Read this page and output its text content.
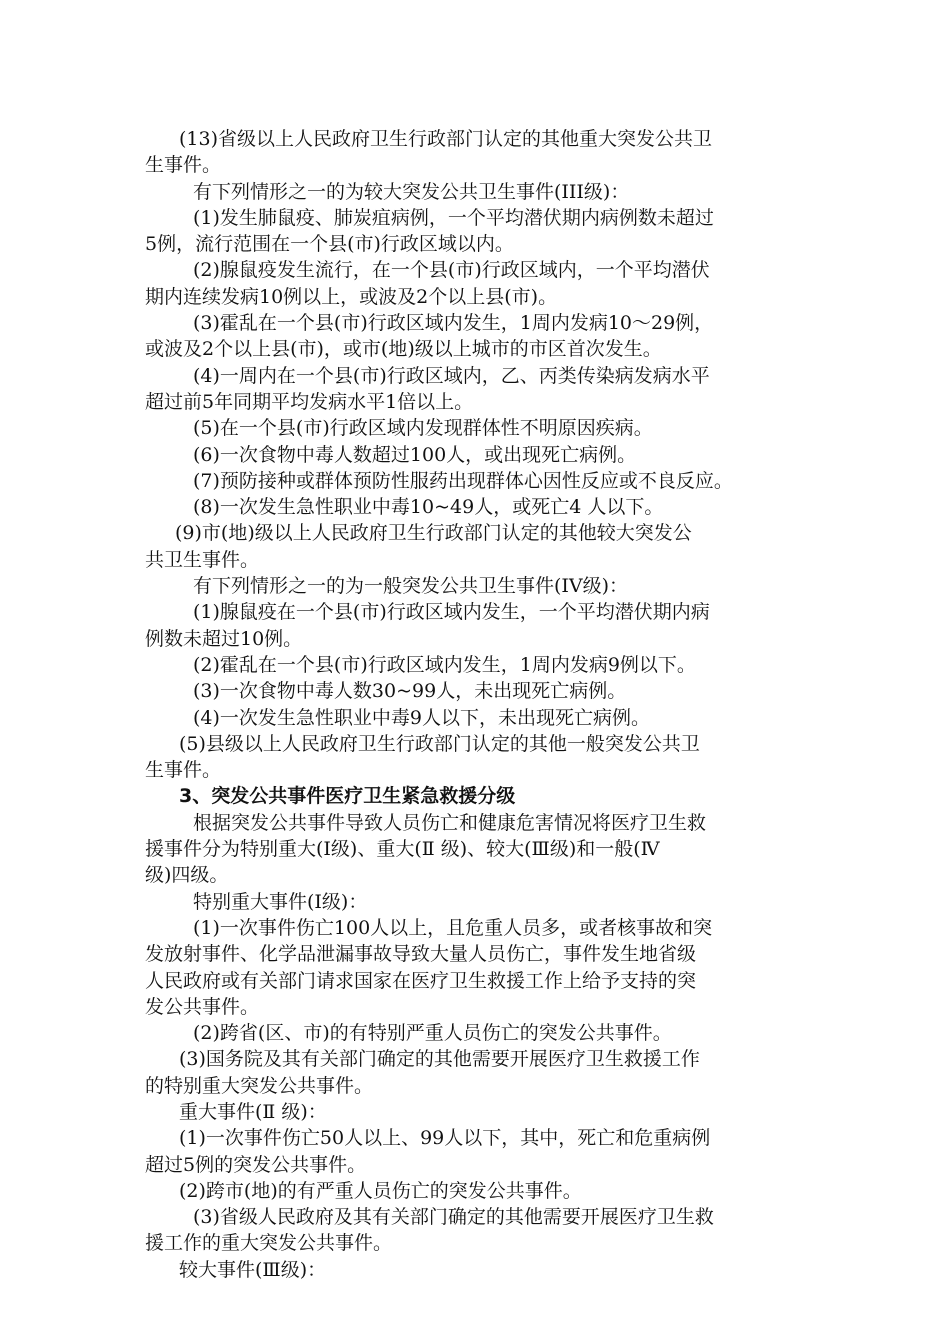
(13)省级以上人民政府卫生行政部门认定的其他重大突发公共卫

生事件。

有下列情形之一的为较大突发公共卫生事件(III级)：

(1)发生肺鼠疫、肺炭疽病例，一个平均潜伏期内病例数未超过

5例，流行范围在一个县(市)行政区域以内。

(2)腺鼠疫发生流行，在一个县(市)行政区域内，一个平均潜伏

期内连续发病10例以上，或波及2个以上县(市)。

(3)霍乱在一个县(市)行政区域内发生，1周内发病10～29例，

或波及2个以上县(市)，或市(地)级以上城市的市区首次发生。

(4)一周内在一个县(市)行政区域内，乙、丙类传染病发病水平

超过前5年同期平均发病水平1倍以上。

(5)在一个县(市)行政区域内发现群体性不明原因疾病。

(6)一次食物中毒人数超过100人，或出现死亡病例。

(7)预防接种或群体预防性服药出现群体心因性反应或不良反应。

(8)一次发生急性职业中毒10~49人，或死亡4 人以下。

(9)市(地)级以上人民政府卫生行政部门认定的其他较大突发公

共卫生事件。

有下列情形之一的为一般突发公共卫生事件(IV级)：

(1)腺鼠疫在一个县(市)行政区域内发生，一个平均潜伏期内病

例数未超过10例。

(2)霍乱在一个县(市)行政区域内发生，1周内发病9例以下。

(3)一次食物中毒人数30~99人，未出现死亡病例。

(4)一次发生急性职业中毒9人以下，未出现死亡病例。

(5)县级以上人民政府卫生行政部门认定的其他一般突发公共卫

生事件。

3、突发公共事件医疗卫生紧急救援分级

根据突发公共事件导致人员伤亡和健康危害情况将医疗卫生救

援事件分为特别重大(Ⅰ级)、重大(Ⅱ 级)、较大(Ⅲ级)和一般(Ⅳ

级)四级。

特别重大事件(Ⅰ级)：

(1)一次事件伤亡100人以上，且危重人员多，或者核事故和突

发放射事件、化学品泄漏事故导致大量人员伤亡，事件发生地省级

人民政府或有关部门请求国家在医疗卫生救援工作上给予支持的突

发公共事件。

(2)跨省(区、市)的有特别严重人员伤亡的突发公共事件。

(3)国务院及其有关部门确定的其他需要开展医疗卫生救援工作

的特别重大突发公共事件。

重大事件(Ⅱ 级)：

(1)一次事件伤亡50人以上、99人以下，其中，死亡和危重病例

超过5例的突发公共事件。

(2)跨市(地)的有严重人员伤亡的突发公共事件。

(3)省级人民政府及其有关部门确定的其他需要开展医疗卫生救

援工作的重大突发公共事件。

较大事件(Ⅲ级)：
